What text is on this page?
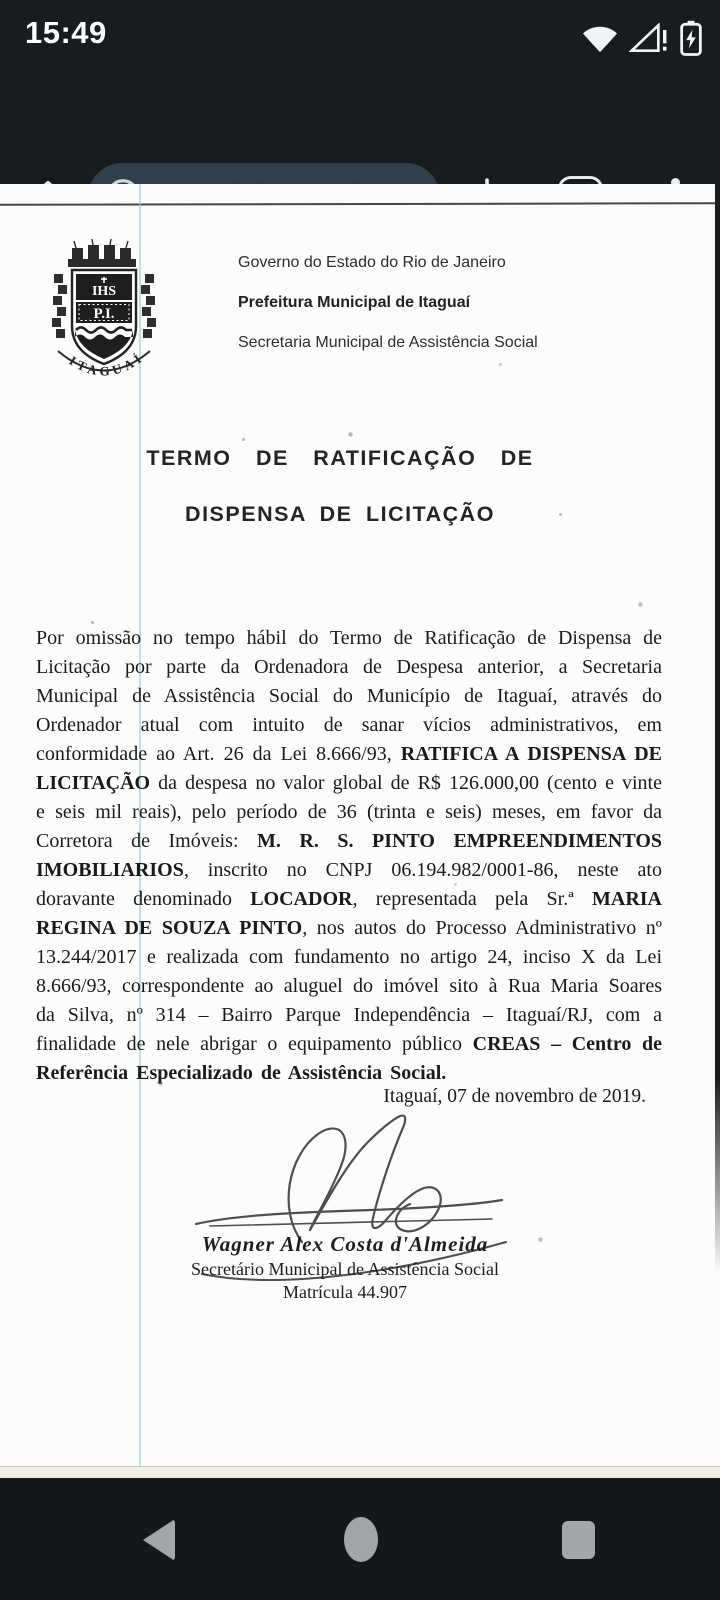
15:49
IHS
P.I.
ITAGUAÍ
Governo do Estado do Rio de Janeiro
Prefeitura Municipal de Itaguaí
Secretaria Municipal de Assistência Social
TERMO DE RATIFICAÇÃO DE
DISPENSA DE LICITAÇÃO
Por omissão no tempo hábil do Termo de Ratificação de Dispensa de Licitação por parte da Ordenadora de Despesa anterior, a Secretaria Municipal de Assistência Social do Município de Itaguaí, através do Ordenador atual com intuito de sanar vícios administrativos, em conformidade ao Art. 26 da Lei 8.666/93, RATIFICA A DISPENSA DE LICITAÇÃO da despesa no valor global de R$ 126.000,00 (cento e vinte e seis mil reais), pelo período de 36 (trinta e seis) meses, em favor da Corretora de Imóveis: M. R. S. PINTO EMPREENDIMENTOS IMOBILIARIOS, inscrito no CNPJ 06.194.982/0001-86, neste ato doravante denominado LOCADOR, representada pela Sr.ª MARIA REGINA DE SOUZA PINTO, nos autos do Processo Administrativo nº 13.244/2017 e realizada com fundamento no artigo 24, inciso X da Lei 8.666/93, correspondente ao aluguel do imóvel sito à Rua Maria Soares da Silva, nº 314 – Bairro Parque Independência – Itaguaí/RJ, com a finalidade de nele abrigar o equipamento público CREAS – Centro de Referência Especializado de Assistência Social.
Itaguaí, 07 de novembro de 2019.
Wagner Alex Costa d'Almeida
Secretário Municipal de Assistência Social
Matrícula 44.907
